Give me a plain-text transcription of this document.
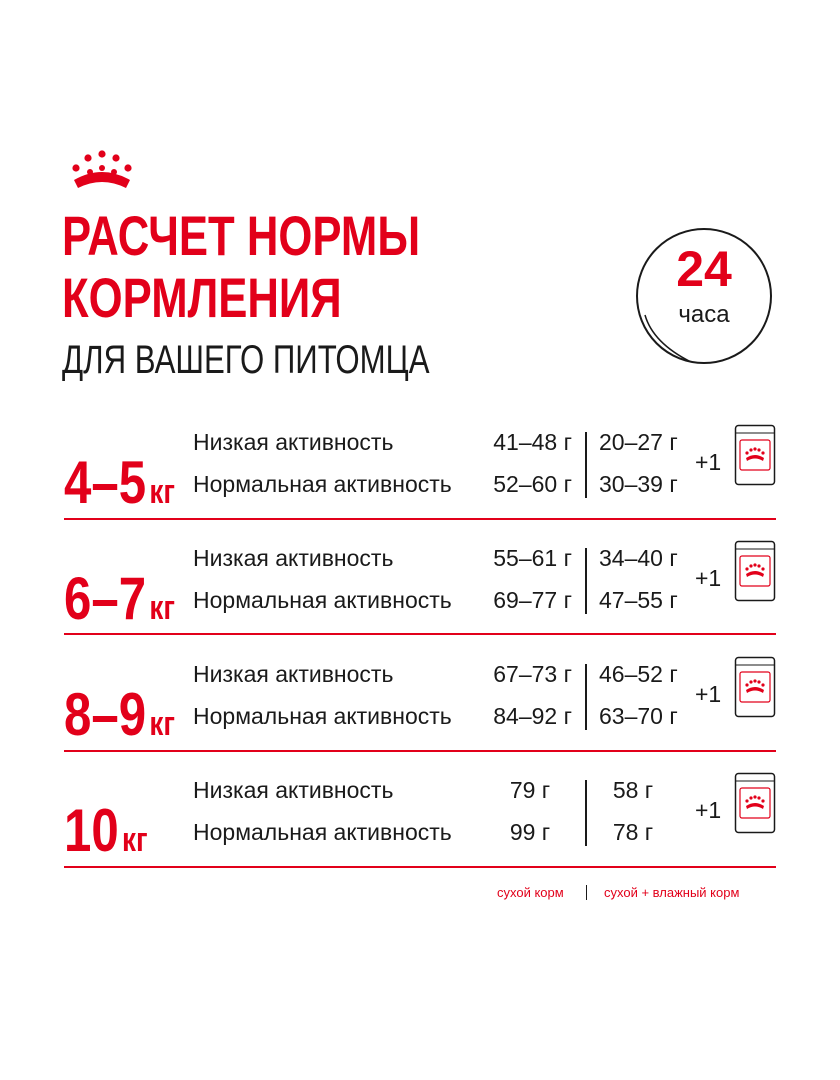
РАСЧЕТ НОРМЫ
КОРМЛЕНИЯ
ДЛЯ ВАШЕГО ПИТОМЦА
24
часа
4–5кг
Низкая активность
Нормальная активность
41–48 г
52–60 г
20–27 г
30–39 г
+1
6–7кг
Низкая активность
Нормальная активность
55–61 г
69–77 г
34–40 г
47–55 г
+1
8–9кг
Низкая активность
Нормальная активность
67–73 г
84–92 г
46–52 г
63–70 г
+1
10кг
Низкая активность
Нормальная активность
79 г
99 г
58 г
78 г
+1
сухой корм	сухой + влажный корм
